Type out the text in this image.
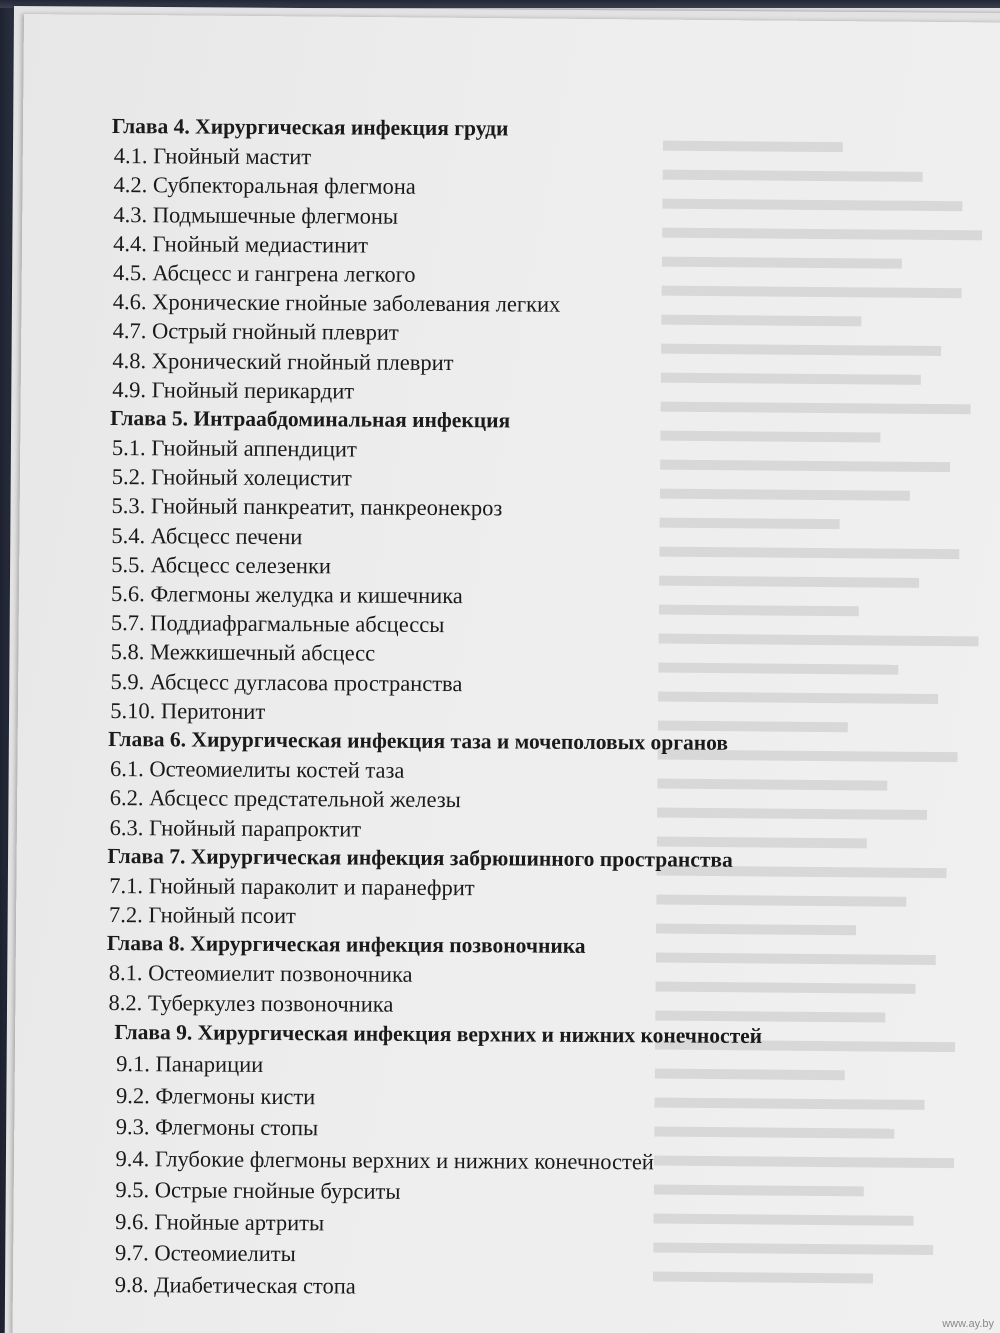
Глава 4. Хирургическая инфекция груди
4.1. Гнойный мастит
4.2. Субпекторальная флегмона
4.3. Подмышечные флегмоны
4.4. Гнойный медиастинит
4.5. Абсцесс и гангрена легкого
4.6. Хронические гнойные заболевания легких
4.7. Острый гнойный плеврит
4.8. Хронический гнойный плеврит
4.9. Гнойный перикардит
Глава 5. Интраабдоминальная инфекция
5.1. Гнойный аппендицит
5.2. Гнойный холецистит
5.3. Гнойный панкреатит, панкреонекроз
5.4. Абсцесс печени
5.5. Абсцесс селезенки
5.6. Флегмоны желудка и кишечника
5.7. Поддиафрагмальные абсцессы
5.8. Межкишечный абсцесс
5.9. Абсцесс дугласова пространства
5.10. Перитонит
Глава 6. Хирургическая инфекция таза и мочеполовых органов
6.1. Остеомиелиты костей таза
6.2. Абсцесс предстательной железы
6.3. Гнойный парапроктит
Глава 7. Хирургическая инфекция забрюшинного пространства
7.1. Гнойный параколит и паранефрит
7.2. Гнойный псоит
Глава 8. Хирургическая инфекция позвоночника
8.1. Остеомиелит позвоночника
8.2. Туберкулез позвоночника
Глава 9. Хирургическая инфекция верхних и нижних конечностей
9.1. Панариции
9.2. Флегмоны кисти
9.3. Флегмоны стопы
9.4. Глубокие флегмоны верхних и нижних конечностей
9.5. Острые гнойные бурситы
9.6. Гнойные артриты
9.7. Остеомиелиты
9.8. Диабетическая стопа
www.ay.by
